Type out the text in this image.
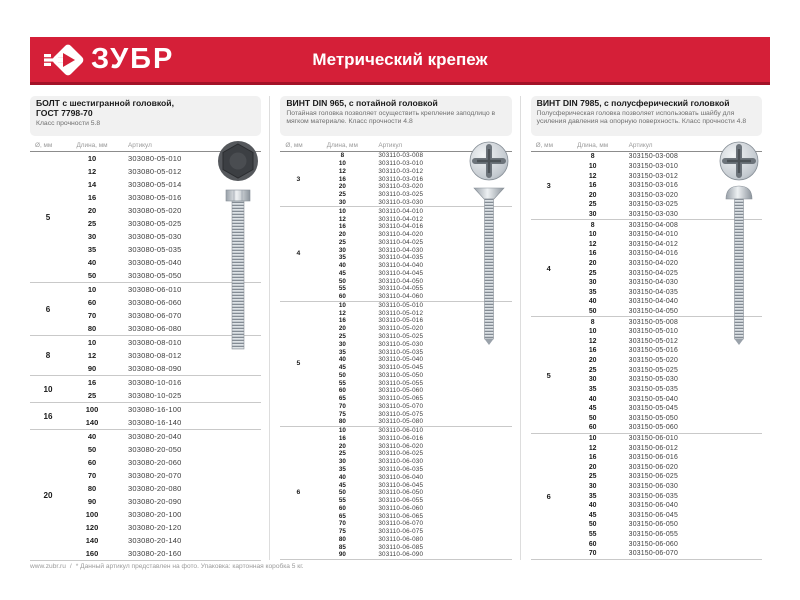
ЗУБР	Метрический крепеж
БОЛТ с шестигранной головкой,
ГОСТ 7798-70
Класс прочности 5.8
Ø, мм	Длина, мм	Артикул
5
10	303080-05-010
12	303080-05-012
14	303080-05-014
16	303080-05-016
20	303080-05-020
25	303080-05-025
30	303080-05-030
35	303080-05-035
40	303080-05-040
50	303080-05-050
6
10	303080-06-010
60	303080-06-060
70	303080-06-070
80	303080-06-080
8
10	303080-08-010
12	303080-08-012
90	303080-08-090
10
16	303080-10-016
25	303080-10-025
16
100	303080-16-100
140	303080-16-140
20
40	303080-20-040
50	303080-20-050
60	303080-20-060
70	303080-20-070
80	303080-20-080
90	303080-20-090
100	303080-20-100
120	303080-20-120
140	303080-20-140
160	303080-20-160
ВИНТ DIN 965, с потайной головкой
Потайная головка позволяет осуществить крепление заподлицо в мягком материале. Класс прочности 4.8
Ø, мм	Длина, мм	Артикул
3
8	303110-03-008
10	303110-03-010
12	303110-03-012
16	303110-03-016
20	303110-03-020
25	303110-03-025
30	303110-03-030
4
10	303110-04-010
12	303110-04-012
16	303110-04-016
20	303110-04-020
25	303110-04-025
30	303110-04-030
35	303110-04-035
40	303110-04-040
45	303110-04-045
50	303110-04-050
55	303110-04-055
60	303110-04-060
5
10	303110-05-010
12	303110-05-012
16	303110-05-016
20	303110-05-020
25	303110-05-025
30	303110-05-030
35	303110-05-035
40	303110-05-040
45	303110-05-045
50	303110-05-050
55	303110-05-055
60	303110-05-060
65	303110-05-065
70	303110-05-070
75	303110-05-075
80	303110-05-080
6
10	303110-06-010
16	303110-06-016
20	303110-06-020
25	303110-06-025
30	303110-06-030
35	303110-06-035
40	303110-06-040
45	303110-06-045
50	303110-06-050
55	303110-06-055
60	303110-06-060
65	303110-06-065
70	303110-06-070
75	303110-06-075
80	303110-06-080
85	303110-06-085
90	303110-06-090
ВИНТ DIN 7985, с полусферический головкой
Полусферическая головка позволяет использовать шайбу для усиления давления на опорную поверхность. Класс прочности 4.8
Ø, мм	Длина, мм	Артикул
3
8	303150-03-008
10	303150-03-010
12	303150-03-012
16	303150-03-016
20	303150-03-020
25	303150-03-025
30	303150-03-030
4
8	303150-04-008
10	303150-04-010
12	303150-04-012
16	303150-04-016
20	303150-04-020
25	303150-04-025
30	303150-04-030
35	303150-04-035
40	303150-04-040
50	303150-04-050
5
8	303150-05-008
10	303150-05-010
12	303150-05-012
16	303150-05-016
20	303150-05-020
25	303150-05-025
30	303150-05-030
35	303150-05-035
40	303150-05-040
45	303150-05-045
50	303150-05-050
60	303150-05-060
6
10	303150-06-010
12	303150-06-012
16	303150-06-016
20	303150-06-020
25	303150-06-025
30	303150-06-030
35	303150-06-035
40	303150-06-040
45	303150-06-045
50	303150-06-050
55	303150-06-055
60	303150-06-060
70	303150-06-070
www.zubr.ru / * Данный артикул представлен на фото. Упаковка: картонная коробка 5 кг.
